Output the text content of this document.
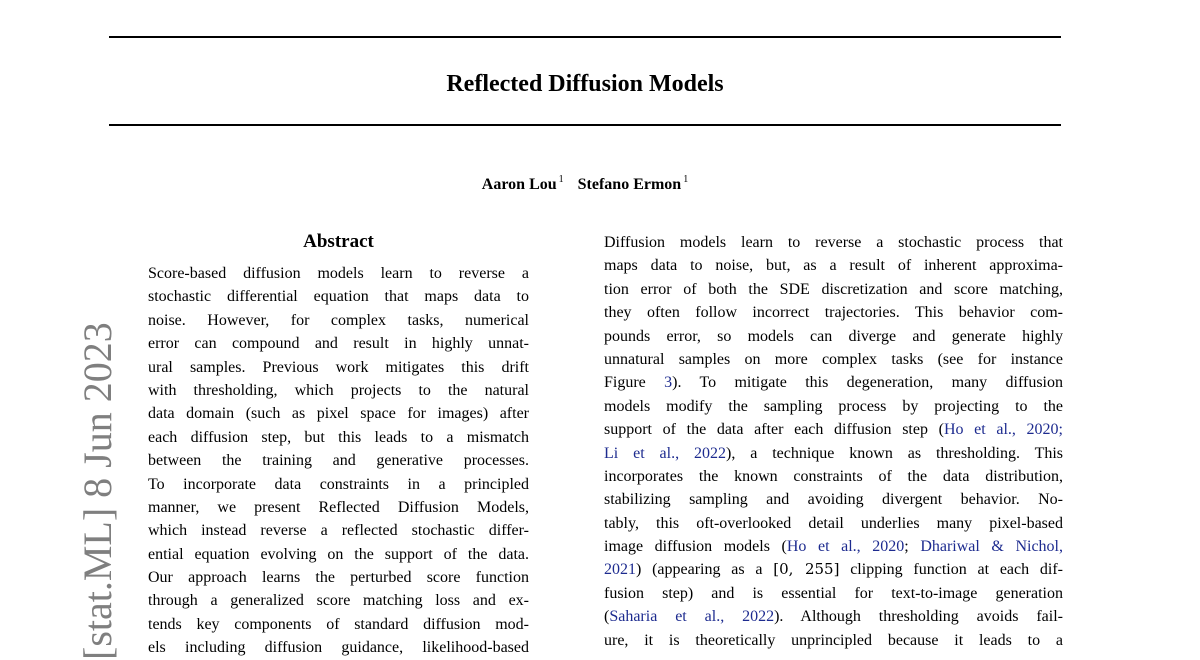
Reflected Diffusion Models
Aaron Lou $^1$ Stefano Ermon $^1$
[stat.ML] 8 Jun 2023
Abstract
Score-based diffusion models learn to reverse a
stochastic differential equation that maps data to
noise. However, for complex tasks, numerical
error can compound and result in highly unnat-
ural samples. Previous work mitigates this drift
with thresholding, which projects to the natural
data domain (such as pixel space for images) after
each diffusion step, but this leads to a mismatch
between the training and generative processes.
To incorporate data constraints in a principled
manner, we present Reflected Diffusion Models,
which instead reverse a reflected stochastic differ-
ential equation evolving on the support of the data.
Our approach learns the perturbed score function
through a generalized score matching loss and ex-
tends key components of standard diffusion mod-
els including diffusion guidance, likelihood-based
Diffusion models learn to reverse a stochastic process that
maps data to noise, but, as a result of inherent approxima-
tion error of both the SDE discretization and score matching,
they often follow incorrect trajectories. This behavior com-
pounds error, so models can diverge and generate highly
unnatural samples on more complex tasks (see for instance
Figure 3). To mitigate this degeneration, many diffusion
models modify the sampling process by projecting to the
support of the data after each diffusion step (Ho et al., 2020;
Li et al., 2022), a technique known as thresholding. This
incorporates the known constraints of the data distribution,
stabilizing sampling and avoiding divergent behavior. No-
tably, this oft-overlooked detail underlies many pixel-based
image diffusion models (Ho et al., 2020; Dhariwal & Nichol,
2021) (appearing as a [0, 255] clipping function at each dif-
fusion step) and is essential for text-to-image generation
(Saharia et al., 2022). Although thresholding avoids fail-
ure, it is theoretically unprincipled because it leads to a
